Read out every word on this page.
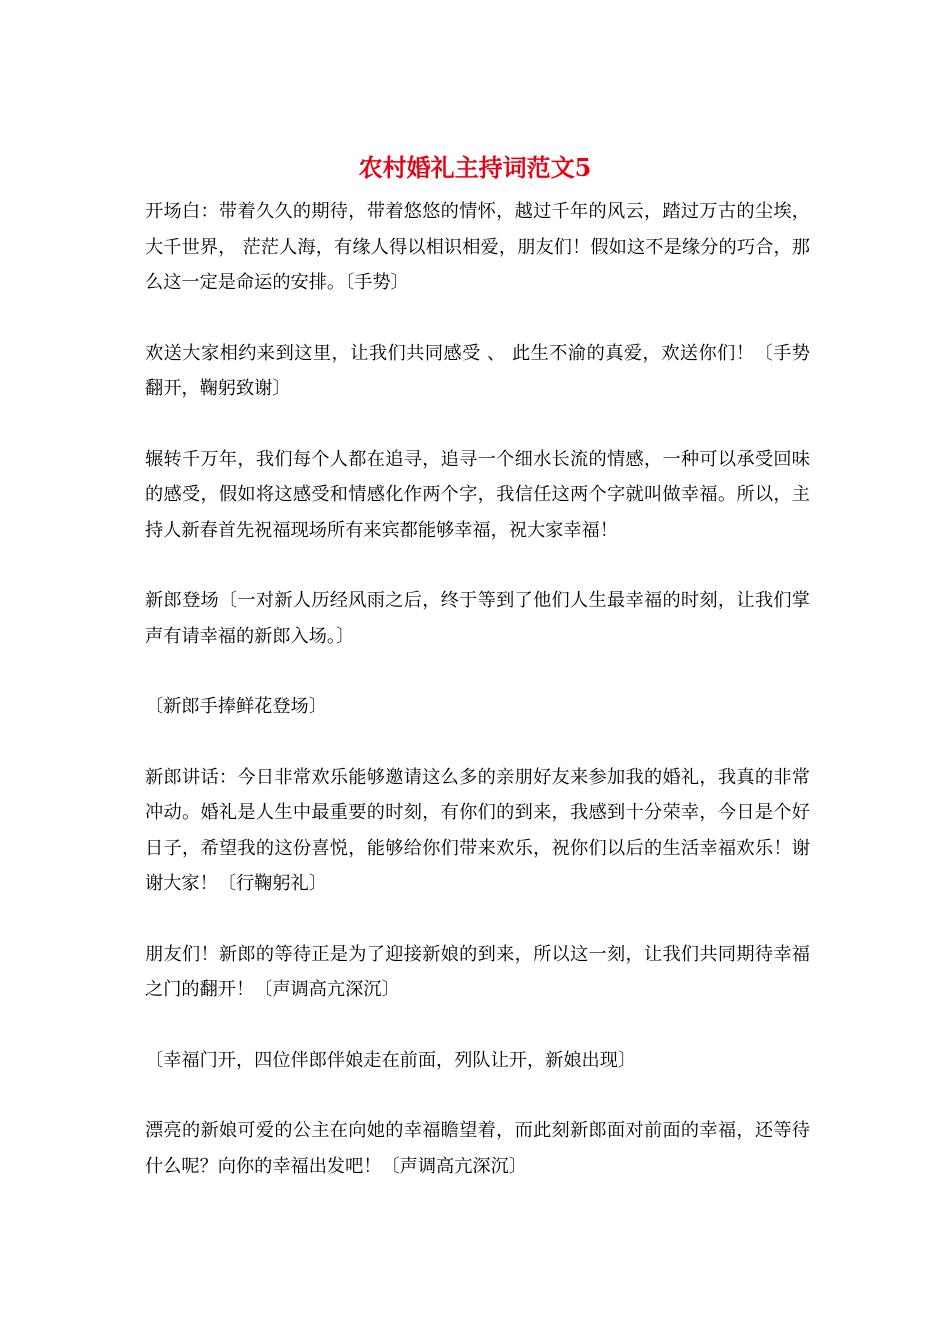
农村婚礼主持词范文5

开场白：带着久久的期待，带着悠悠的情怀，越过千年的风云，踏过万古的尘埃，大千世界， 茫茫人海，有缘人得以相识相爱，朋友们！假如这不是缘分的巧合，那么这一定是命运的安排。〔手势〕

欢送大家相约来到这里，让我们共同感受 、 此生不渝的真爱，欢送你们！〔手势翻开，鞠躬致谢〕

辗转千万年，我们每个人都在追寻，追寻一个细水长流的情感，一种可以承受回味的感受，假如将这感受和情感化作两个字，我信任这两个字就叫做幸福。所以，主持人新春首先祝福现场所有来宾都能够幸福，祝大家幸福！

新郎登场〔一对新人历经风雨之后，终于等到了他们人生最幸福的时刻，让我们掌声有请幸福的新郎入场。〕

〔新郎手捧鲜花登场〕

新郎讲话：今日非常欢乐能够邀请这么多的亲朋好友来参加我的婚礼，我真的非常冲动。婚礼是人生中最重要的时刻，有你们的到来，我感到十分荣幸，今日是个好日子，希望我的这份喜悦，能够给你们带来欢乐，祝你们以后的生活幸福欢乐！谢谢大家！〔行鞠躬礼〕

朋友们！新郎的等待正是为了迎接新娘的到来，所以这一刻，让我们共同期待幸福之门的翻开！〔声调高亢深沉〕

〔幸福门开，四位伴郎伴娘走在前面，列队让开，新娘出现〕

漂亮的新娘可爱的公主在向她的幸福瞻望着，而此刻新郎面对前面的幸福，还等待什么呢？向你的幸福出发吧！〔声调高亢深沉〕
